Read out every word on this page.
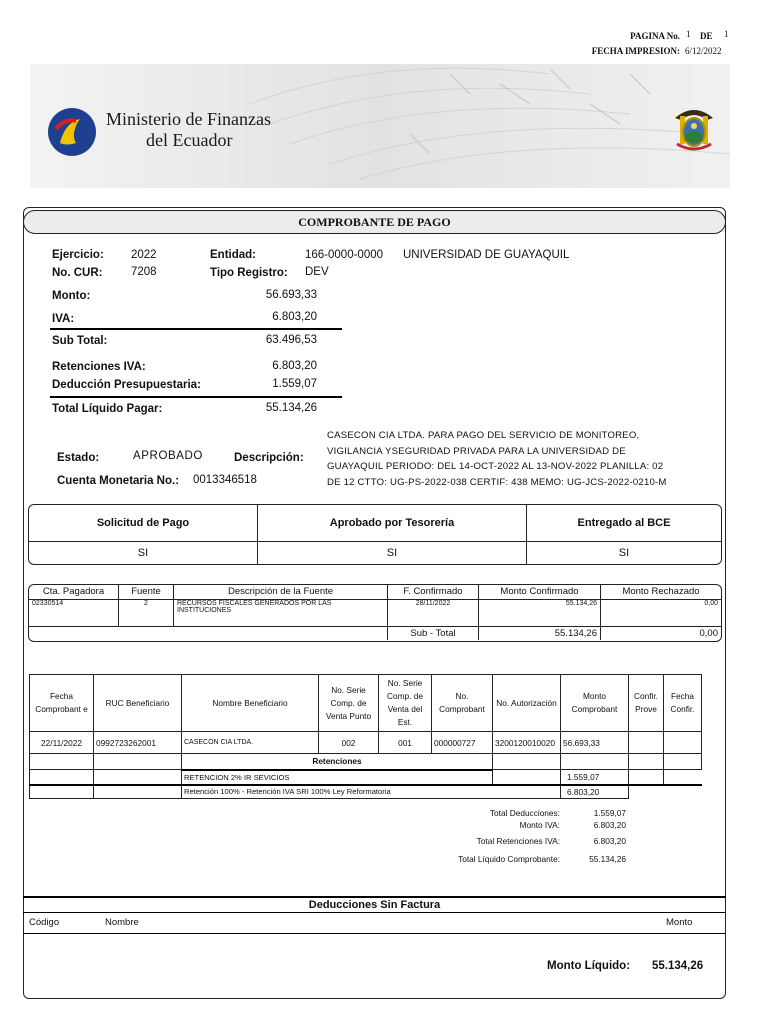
PAGINA No. 1 DE 1
FECHA IMPRESION: 6/12/2022
Ministerio de Finanzas
del Ecuador
COMPROBANTE DE PAGO
Ejercicio: 2022
No. CUR: 7208
Entidad:	166-0000-0000 UNIVERSIDAD DE GUAYAQUIL
Tipo Registro: DEV
Monto:	56.693,33
IVA:	6.803,20
Sub Total:	63.496,53
Retenciones IVA:	6.803,20
Deducción Presupuestaria:	1.559,07
Total Líquido Pagar:	55.134,26
Estado:	APROBADO	Descripción:
Cuenta Monetaria No.: 0013346518
CASECON CIA LTDA. PARA PAGO DEL SERVICIO DE MONITOREO,
VIGILANCIA YSEGURIDAD PRIVADA PARA LA UNIVERSIDAD DE
GUAYAQUIL PERIODO: DEL 14-OCT-2022 AL 13-NOV-2022 PLANILLA: 02
DE 12 CTTO: UG-PS-2022-038 CERTIF: 438 MEMO: UG-JCS-2022-0210-M
Solicitud de Pago	Aprobado por Tesorería	Entregado al BCE
SI	SI	SI
Cta. Pagadora	Fuente	Descripción de la Fuente	F. Confirmado	Monto Confirmado	Monto Rechazado
02330514	2	RECURSOS FISCALES GENERADOS POR LAS INSTITUCIONES	28/11/2022	55.134,26	0,00
			Sub - Total	55.134,26	0,00
Fecha Comprobant e	RUC Beneficiario	Nombre Beneficiario	No. Serie Comp. de Venta Punto	No. Serie Comp. de Venta del Est.	No. Comprobant	No. Autorización	Monto Comprobant	Confir. Prove	Fecha Confir.
22/11/2022	0992723262001	CASECON CIA LTDA.	002	001	000000727	3200120010020	56.693,33		
		Retenciones							
		RETENCION 2% IR SEVICIOS					1.559,07		
		Retención 100% - Retención IVA SRI 100% Ley Reformatoria					6.803,20		
Total Deducciones:	1.559,07
Monto IVA:	6.803,20
Total Retenciones IVA:	6.803,20
Total Líquido Comprobante:	55.134,26
Deducciones Sin Factura
Código	Nombre	Monto
Monto Líquido: 55.134,26
